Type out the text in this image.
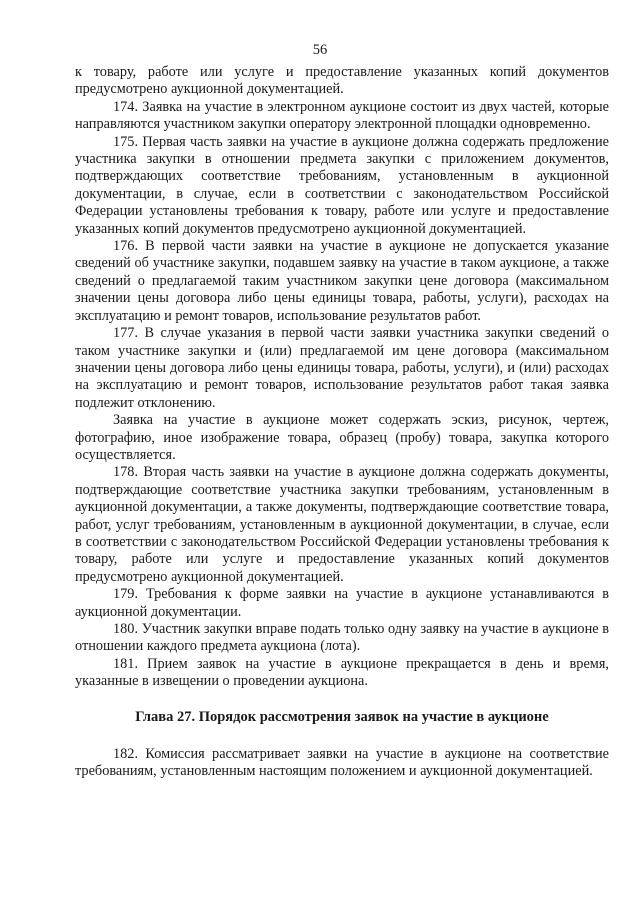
56

к товару, работе или услуге и предоставление указанных копий документов предусмотрено аукционной документацией.

174. Заявка на участие в электронном аукционе состоит из двух частей, которые направляются участником закупки оператору электронной площадки одновременно.

175. Первая часть заявки на участие в аукционе должна содержать предложение участника закупки в отношении предмета закупки с приложением документов, подтверждающих соответствие требованиям, установленным в аукционной документации, в случае, если в соответствии с законодательством Российской Федерации установлены требования к товару, работе или услуге и предоставление указанных копий документов предусмотрено аукционной документацией.

176. В первой части заявки на участие в аукционе не допускается указание сведений об участнике закупки, подавшем заявку на участие в таком аукционе, а также сведений о предлагаемой таким участником закупки цене договора (максимальном значении цены договора либо цены единицы товара, работы, услуги), расходах на эксплуатацию и ремонт товаров, использование результатов работ.

177. В случае указания в первой части заявки участника закупки сведений о таком участнике закупки и (или) предлагаемой им цене договора (максимальном значении цены договора либо цены единицы товара, работы, услуги), и (или) расходах на эксплуатацию и ремонт товаров, использование результатов работ такая заявка подлежит отклонению.

Заявка на участие в аукционе может содержать эскиз, рисунок, чертеж, фотографию, иное изображение товара, образец (пробу) товара, закупка которого осуществляется.

178. Вторая часть заявки на участие в аукционе должна содержать документы, подтверждающие соответствие участника закупки требованиям, установленным в аукционной документации, а также документы, подтверждающие соответствие товара, работ, услуг требованиям, установленным в аукционной документации, в случае, если в соответствии с законодательством Российской Федерации установлены требования к товару, работе или услуге и предоставление указанных копий документов предусмотрено аукционной документацией.

179. Требования к форме заявки на участие в аукционе устанавливаются в аукционной документации.

180. Участник закупки вправе подать только одну заявку на участие в аукционе в отношении каждого предмета аукциона (лота).

181. Прием заявок на участие в аукционе прекращается в день и время, указанные в извещении о проведении аукциона.

Глава 27. Порядок рассмотрения заявок на участие в аукционе

182. Комиссия рассматривает заявки на участие в аукционе на соответствие требованиям, установленным настоящим положением и аукционной документацией.
